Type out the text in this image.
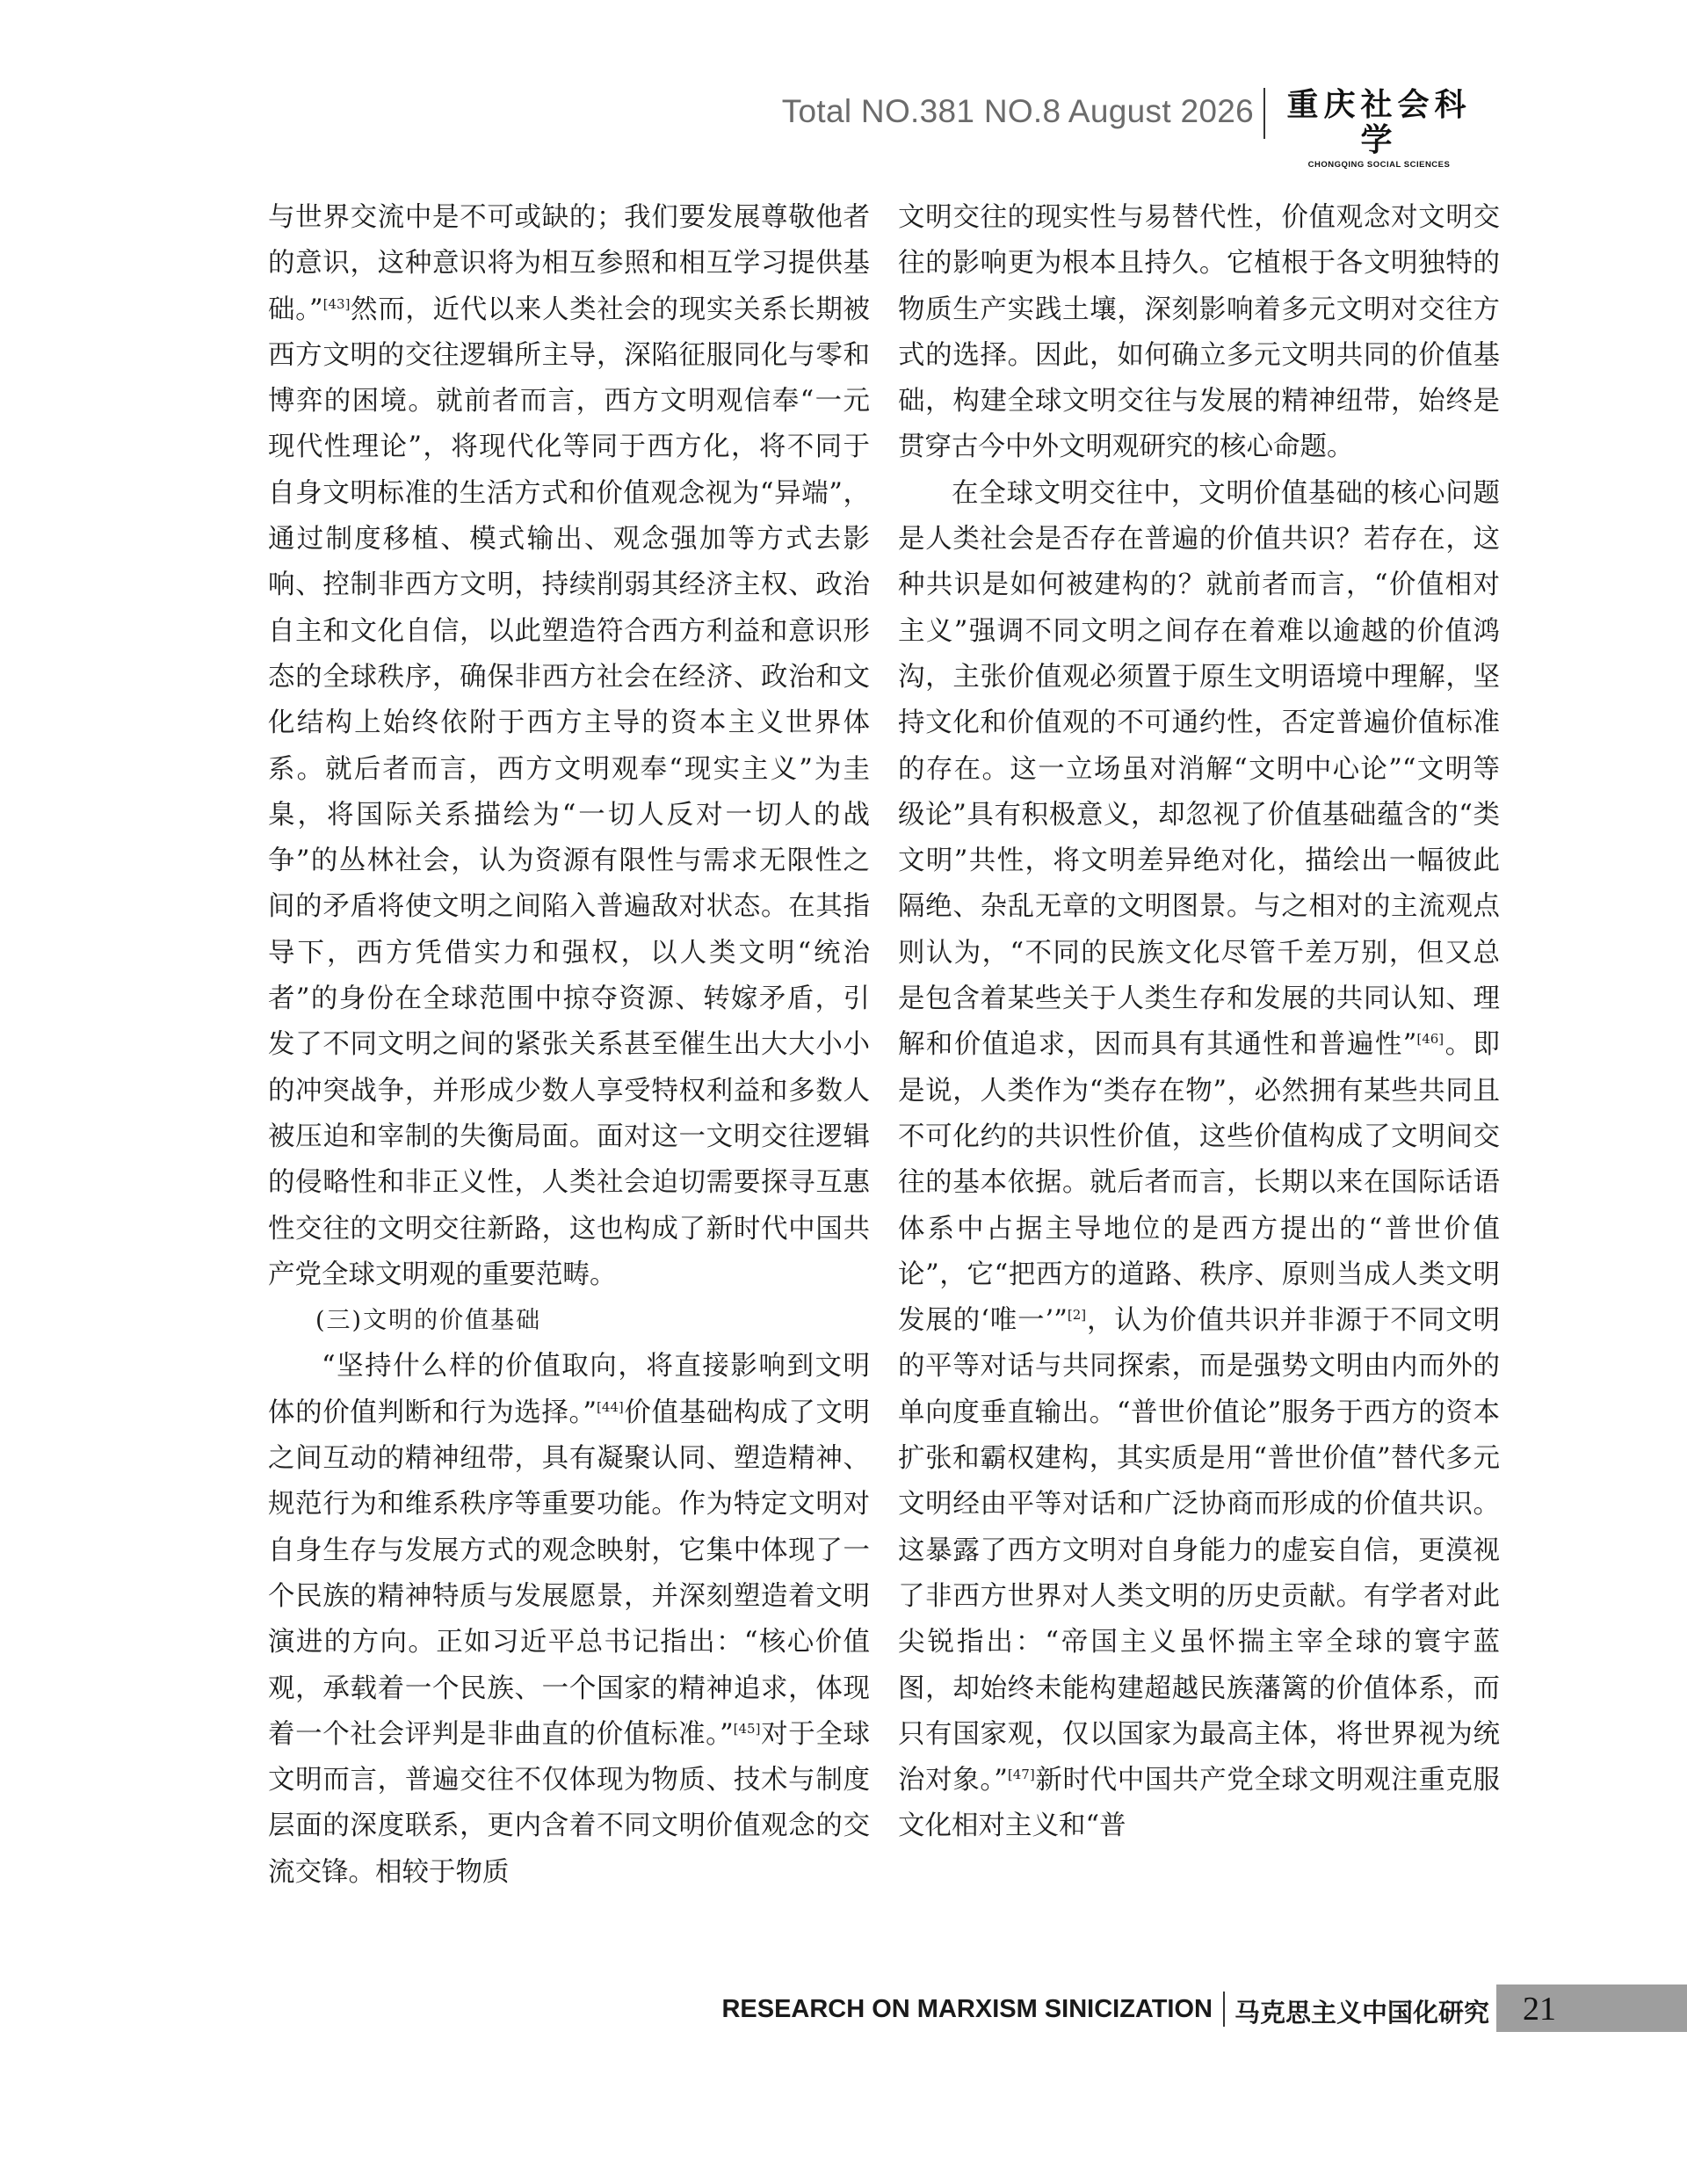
Total NO.381 NO.8 August 2026	重庆社会科学
CHONGQING SOCIAL SCIENCES

与世界交流中是不可或缺的；我们要发展尊敬他者的意识，这种意识将为相互参照和相互学习提供基础。”[43]然而，近代以来人类社会的现实关系长期被西方文明的交往逻辑所主导，深陷征服同化与零和博弈的困境。就前者而言，西方文明观信奉“一元现代性理论”，将现代化等同于西方化，将不同于自身文明标准的生活方式和价值观念视为“异端”，通过制度移植、模式输出、观念强加等方式去影响、控制非西方文明，持续削弱其经济主权、政治自主和文化自信，以此塑造符合西方利益和意识形态的全球秩序，确保非西方社会在经济、政治和文化结构上始终依附于西方主导的资本主义世界体系。就后者而言，西方文明观奉“现实主义”为圭臬，将国际关系描绘为“一切人反对一切人的战争”的丛林社会，认为资源有限性与需求无限性之间的矛盾将使文明之间陷入普遍敌对状态。在其指导下，西方凭借实力和强权，以人类文明“统治者”的身份在全球范围中掠夺资源、转嫁矛盾，引发了不同文明之间的紧张关系甚至催生出大大小小的冲突战争，并形成少数人享受特权利益和多数人被压迫和宰制的失衡局面。面对这一文明交往逻辑的侵略性和非正义性，人类社会迫切需要探寻互惠性交往的文明交往新路，这也构成了新时代中国共产党全球文明观的重要范畴。

(三)文明的价值基础

“坚持什么样的价值取向，将直接影响到文明体的价值判断和行为选择。”[44]价值基础构成了文明之间互动的精神纽带，具有凝聚认同、塑造精神、规范行为和维系秩序等重要功能。作为特定文明对自身生存与发展方式的观念映射，它集中体现了一个民族的精神特质与发展愿景，并深刻塑造着文明演进的方向。正如习近平总书记指出：“核心价值观，承载着一个民族、一个国家的精神追求，体现着一个社会评判是非曲直的价值标准。”[45]对于全球文明而言，普遍交往不仅体现为物质、技术与制度层面的深度联系，更内含着不同文明价值观念的交流交锋。相较于物质

文明交往的现实性与易替代性，价值观念对文明交往的影响更为根本且持久。它植根于各文明独特的物质生产实践土壤，深刻影响着多元文明对交往方式的选择。因此，如何确立多元文明共同的价值基础，构建全球文明交往与发展的精神纽带，始终是贯穿古今中外文明观研究的核心命题。

在全球文明交往中，文明价值基础的核心问题是人类社会是否存在普遍的价值共识？若存在，这种共识是如何被建构的？就前者而言，“价值相对主义”强调不同文明之间存在着难以逾越的价值鸿沟，主张价值观必须置于原生文明语境中理解，坚持文化和价值观的不可通约性，否定普遍价值标准的存在。这一立场虽对消解“文明中心论”“文明等级论”具有积极意义，却忽视了价值基础蕴含的“类文明”共性，将文明差异绝对化，描绘出一幅彼此隔绝、杂乱无章的文明图景。与之相对的主流观点则认为，“不同的民族文化尽管千差万别，但又总是包含着某些关于人类生存和发展的共同认知、理解和价值追求，因而具有其通性和普遍性”[46]。即是说，人类作为“类存在物”，必然拥有某些共同且不可化约的共识性价值，这些价值构成了文明间交往的基本依据。就后者而言，长期以来在国际话语体系中占据主导地位的是西方提出的“普世价值论”，它“把西方的道路、秩序、原则当成人类文明发展的‘唯一’”[2]，认为价值共识并非源于不同文明的平等对话与共同探索，而是强势文明由内而外的单向度垂直输出。“普世价值论”服务于西方的资本扩张和霸权建构，其实质是用“普世价值”替代多元文明经由平等对话和广泛协商而形成的价值共识。这暴露了西方文明对自身能力的虚妄自信，更漠视了非西方世界对人类文明的历史贡献。有学者对此尖锐指出：“帝国主义虽怀揣主宰全球的寰宇蓝图，却始终未能构建超越民族藩篱的价值体系，而只有国家观，仅以国家为最高主体，将世界视为统治对象。”[47]新时代中国共产党全球文明观注重克服文化相对主义和“普

RESEARCH ON MARXISM SINICIZATION 马克思主义中国化研究 21
